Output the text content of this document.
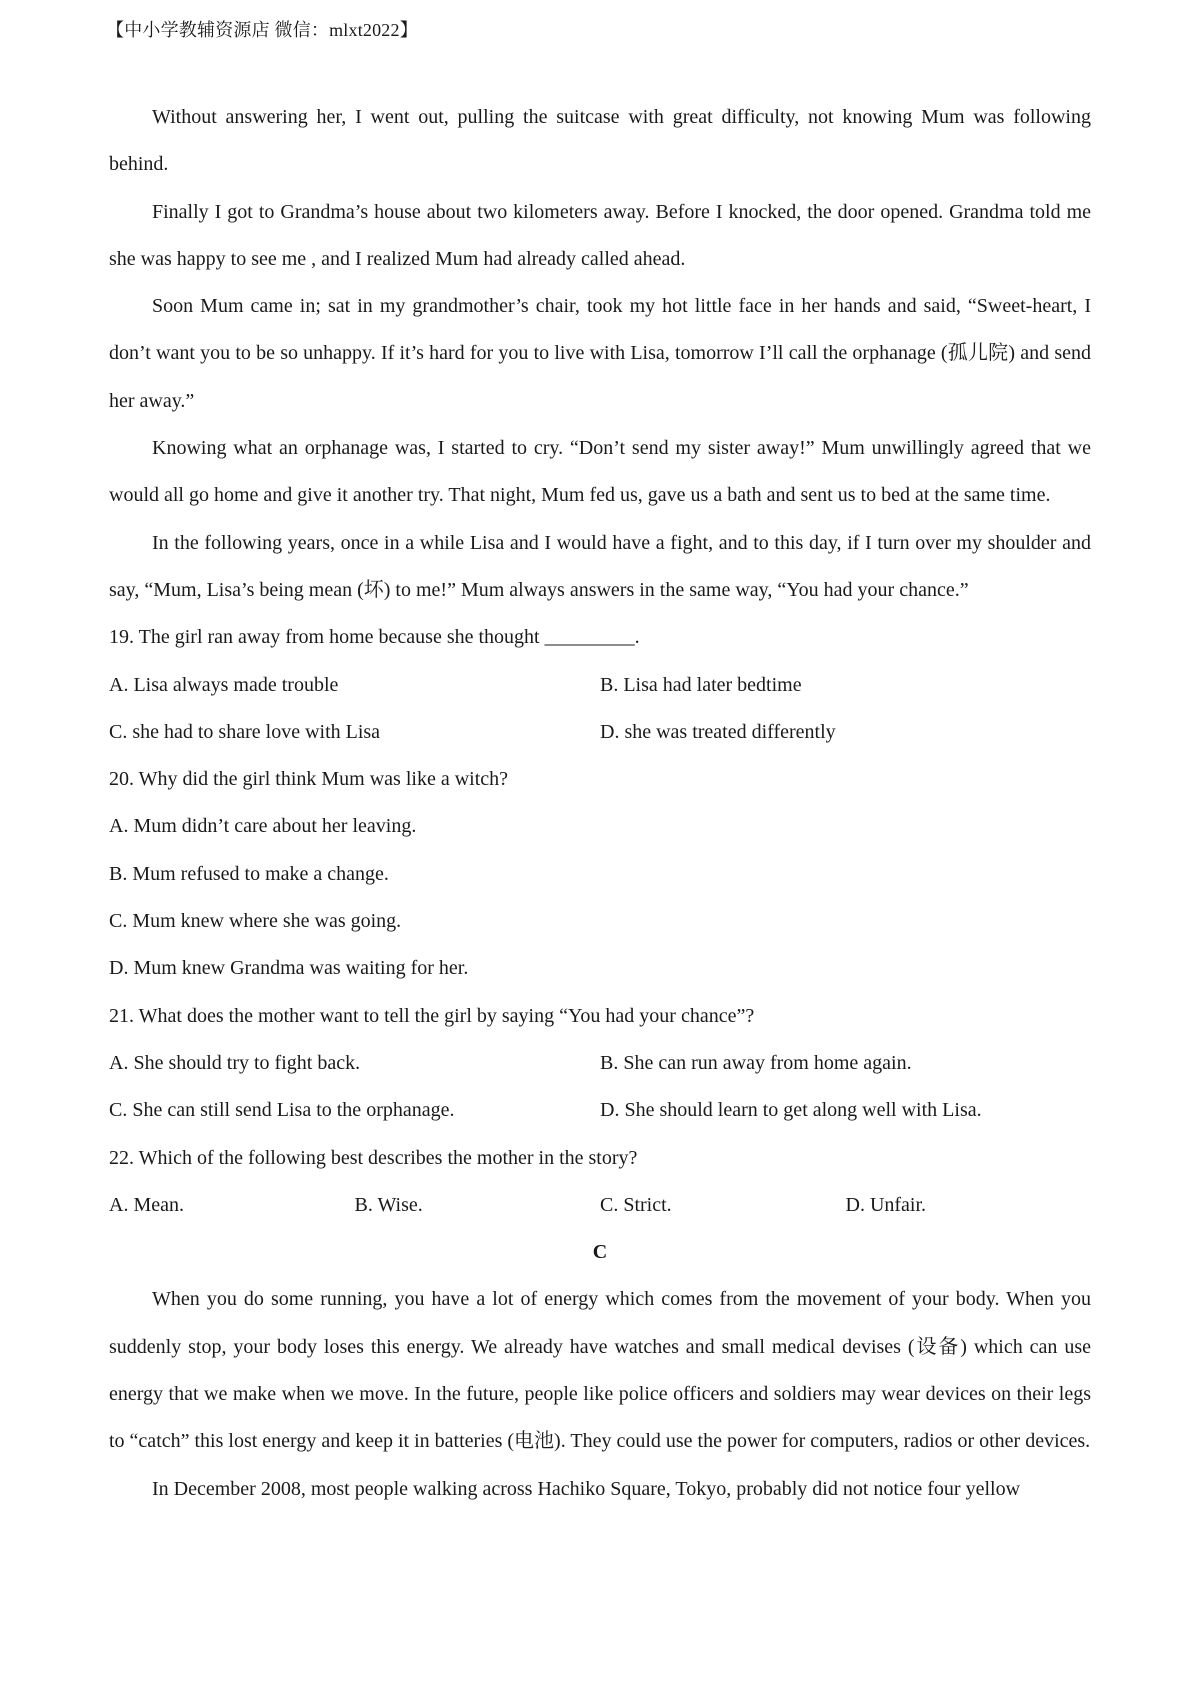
【中小学教辅资源店 微信：mlxt2022】

Without answering her, I went out, pulling the suitcase with great difficulty, not knowing Mum was following behind.

Finally I got to Grandma’s house about two kilometers away. Before I knocked, the door opened. Grandma told me she was happy to see me , and I realized Mum had already called ahead.

Soon Mum came in; sat in my grandmother’s chair, took my hot little face in her hands and said, “Sweet-heart, I don’t want you to be so unhappy. If it’s hard for you to live with Lisa, tomorrow I’ll call the orphanage (孤儿院) and send her away.”

Knowing what an orphanage was, I started to cry. “Don’t send my sister away!” Mum unwillingly agreed that we would all go home and give it another try. That night, Mum fed us, gave us a bath and sent us to bed at the same time.

In the following years, once in a while Lisa and I would have a fight, and to this day, if I turn over my shoulder and say, “Mum, Lisa’s being mean (坏) to me!” Mum always answers in the same way, “You had your chance.”

19. The girl ran away from home because she thought _________.

A. Lisa always made trouble	B. Lisa had later bedtime
C. she had to share love with Lisa	D. she was treated differently

20. Why did the girl think Mum was like a witch?

A. Mum didn’t care about her leaving.

B. Mum refused to make a change.

C. Mum knew where she was going.

D. Mum knew Grandma was waiting for her.

21. What does the mother want to tell the girl by saying “You had your chance”?

A. She should try to fight back.	B. She can run away from home again.
C. She can still send Lisa to the orphanage.	D. She should learn to get along well with Lisa.

22. Which of the following best describes the mother in the story?

A. Mean.	B. Wise.	C. Strict.	D. Unfair.

C

When you do some running, you have a lot of energy which comes from the movement of your body. When you suddenly stop, your body loses this energy. We already have watches and small medical devises (设备) which can use energy that we make when we move. In the future, people like police officers and soldiers may wear devices on their legs to “catch” this lost energy and keep it in batteries (电池). They could use the power for computers, radios or other devices.

In December 2008, most people walking across Hachiko Square, Tokyo, probably did not notice four yellow
